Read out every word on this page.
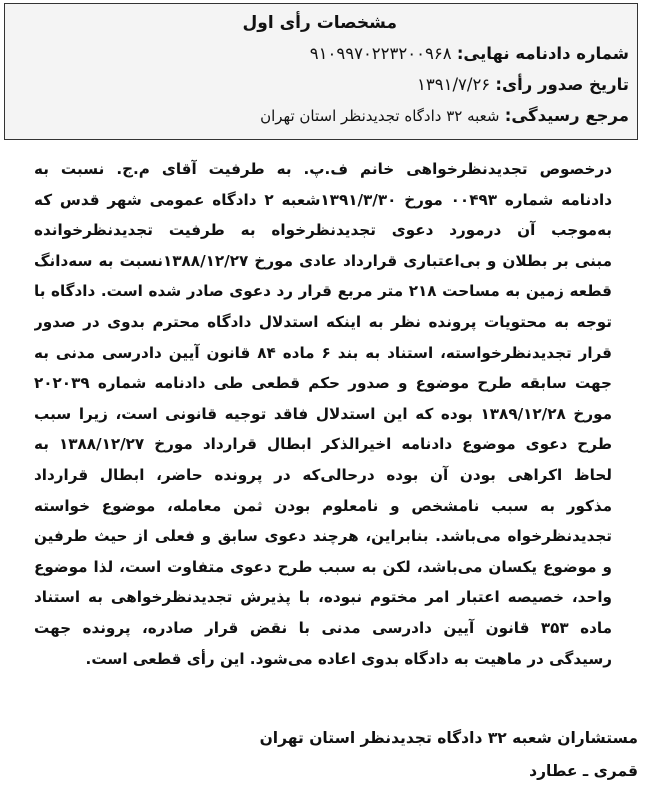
مشخصات رأی اول
شماره دادنامه نهایی: ۹۱۰۹۹۷۰۲۲۳۲۰۰۹۶۸
تاریخ صدور رأی: ۱۳۹۱/۷/۲۶
مرجع رسیدگی: شعبه ۳۲ دادگاه تجدیدنظر استان تهران
درخصوص تجدیدنظرخواهی خانم ف.پ. به طرفیت آقای م.ج. نسبت به
دادنامه شماره ۰۰۴۹۳ مورخ ۱۳۹۱/۳/۳۰شعبه ۲ دادگاه عمومی شهر قدس که
به‌موجب آن درمورد دعوی تجدیدنظرخواه به طرفیت تجدیدنظرخوانده
مبنی بر بطلان و بی‌اعتباری قرارداد عادی مورخ ۱۳۸۸/۱۲/۲۷نسبت به سه‌دانگ
قطعه زمین به مساحت ۲۱۸ متر مربع قرار رد دعوی صادر شده است. دادگاه با
توجه به محتویات پرونده نظر به اینکه استدلال دادگاه محترم بدوی در صدور
قرار تجدیدنظرخواسته، استناد به بند ۶ ماده ۸۴ قانون آیین دادرسی مدنی به
جهت سابقه طرح موضوع و صدور حکم قطعی طی دادنامه شماره ۲۰۲۰۳۹
مورخ ۱۳۸۹/۱۲/۲۸ بوده که این استدلال فاقد توجیه قانونی است، زیرا سبب
طرح دعوی موضوع دادنامه اخیرالذکر ابطال قرارداد مورخ ۱۳۸۸/۱۲/۲۷ به
لحاظ اکراهی بودن آن بوده درحالی‌که در پرونده حاضر، ابطال قرارداد
مذکور به سبب نامشخص و نامعلوم بودن ثمن معامله، موضوع خواسته
تجدیدنظرخواه می‌باشد. بنابراین، هرچند دعوی سابق و فعلی از حیث طرفین
و موضوع یکسان می‌باشد، لکن به سبب طرح دعوی متفاوت است، لذا موضوع
واحد، خصیصه اعتبار امر مختوم نبوده، با پذیرش تجدیدنظرخواهی به استناد
ماده ۳۵۳ قانون آیین دادرسی مدنی با نقض قرار صادره، پرونده جهت
رسیدگی در ماهیت به دادگاه بدوی اعاده می‌شود. این رأی قطعی است.
مستشاران شعبه ۳۲ دادگاه تجدیدنظر استان تهران
قمری ـ عطارد
